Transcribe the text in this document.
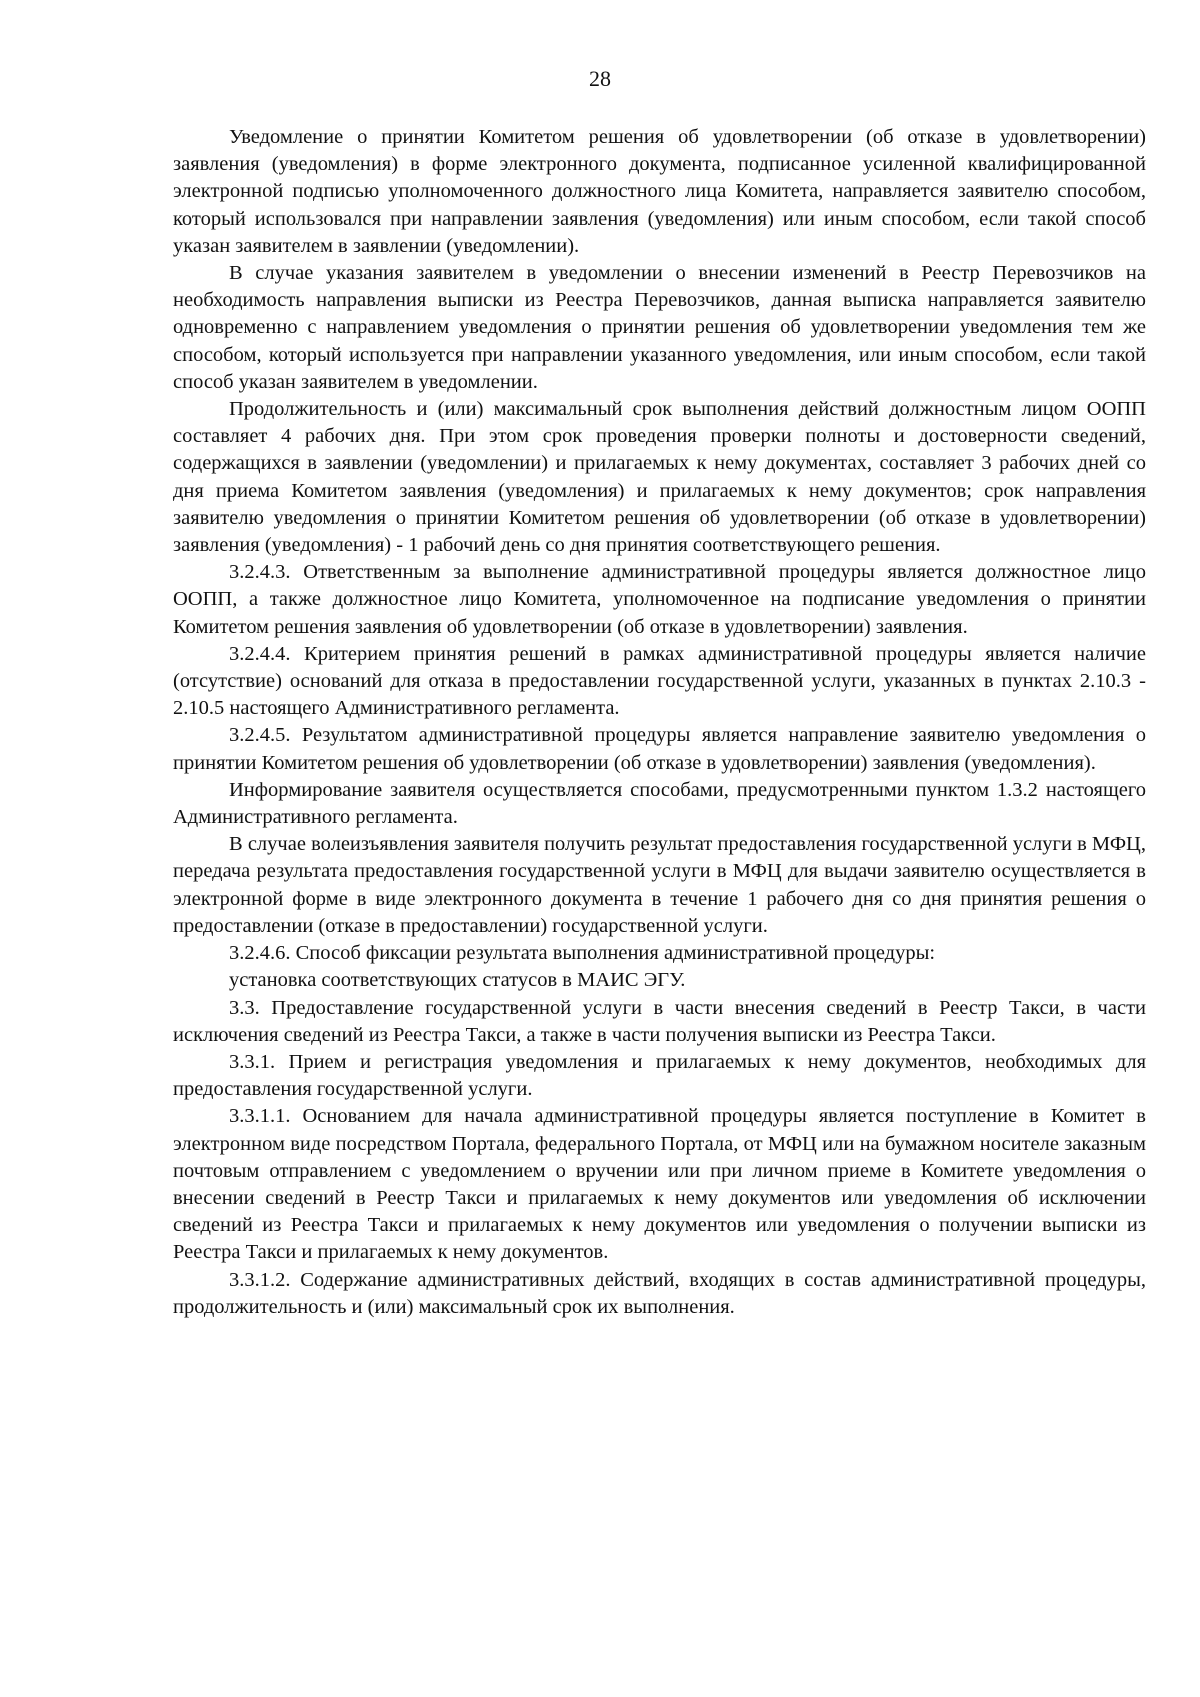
28

Уведомление о принятии Комитетом решения об удовлетворении (об отказе в удовлетворении) заявления (уведомления) в форме электронного документа, подписанное усиленной квалифицированной электронной подписью уполномоченного должностного лица Комитета, направляется заявителю способом, который использовался при направлении заявления (уведомления) или иным способом, если такой способ указан заявителем в заявлении (уведомлении).

В случае указания заявителем в уведомлении о внесении изменений в Реестр Перевозчиков на необходимость направления выписки из Реестра Перевозчиков, данная выписка направляется заявителю одновременно с направлением уведомления о принятии решения об удовлетворении уведомления тем же способом, который используется при направлении указанного уведомления, или иным способом, если такой способ указан заявителем в уведомлении.

Продолжительность и (или) максимальный срок выполнения действий должностным лицом ООПП составляет 4 рабочих дня. При этом срок проведения проверки полноты и достоверности сведений, содержащихся в заявлении (уведомлении) и прилагаемых к нему документах, составляет 3 рабочих дней со дня приема Комитетом заявления (уведомления) и прилагаемых к нему документов; срок направления заявителю уведомления о принятии Комитетом решения об удовлетворении (об отказе в удовлетворении) заявления (уведомления) - 1 рабочий день со дня принятия соответствующего решения.

3.2.4.3. Ответственным за выполнение административной процедуры является должностное лицо ООПП, а также должностное лицо Комитета, уполномоченное на подписание уведомления о принятии Комитетом решения заявления об удовлетворении (об отказе в удовлетворении) заявления.

3.2.4.4. Критерием принятия решений в рамках административной процедуры является наличие (отсутствие) оснований для отказа в предоставлении государственной услуги, указанных в пунктах 2.10.3 - 2.10.5 настоящего Административного регламента.

3.2.4.5. Результатом административной процедуры является направление заявителю уведомления о принятии Комитетом решения об удовлетворении (об отказе в удовлетворении) заявления (уведомления).

Информирование заявителя осуществляется способами, предусмотренными пунктом 1.3.2 настоящего Административного регламента.

В случае волеизъявления заявителя получить результат предоставления государственной услуги в МФЦ, передача результата предоставления государственной услуги в МФЦ для выдачи заявителю осуществляется в электронной форме в виде электронного документа в течение 1 рабочего дня со дня принятия решения о предоставлении (отказе в предоставлении) государственной услуги.

3.2.4.6. Способ фиксации результата выполнения административной процедуры:

установка соответствующих статусов в МАИС ЭГУ.

3.3. Предоставление государственной услуги в части внесения сведений в Реестр Такси, в части исключения сведений из Реестра Такси, а также в части получения выписки из Реестра Такси.

3.3.1. Прием и регистрация уведомления и прилагаемых к нему документов, необходимых для предоставления государственной услуги.

3.3.1.1. Основанием для начала административной процедуры является поступление в Комитет в электронном виде посредством Портала, федерального Портала, от МФЦ или на бумажном носителе заказным почтовым отправлением с уведомлением о вручении или при личном приеме в Комитете уведомления о внесении сведений в Реестр Такси и прилагаемых к нему документов или уведомления об исключении сведений из Реестра Такси и прилагаемых к нему документов или уведомления о получении выписки из Реестра Такси и прилагаемых к нему документов.

3.3.1.2. Содержание административных действий, входящих в состав административной процедуры, продолжительность и (или) максимальный срок их выполнения.
